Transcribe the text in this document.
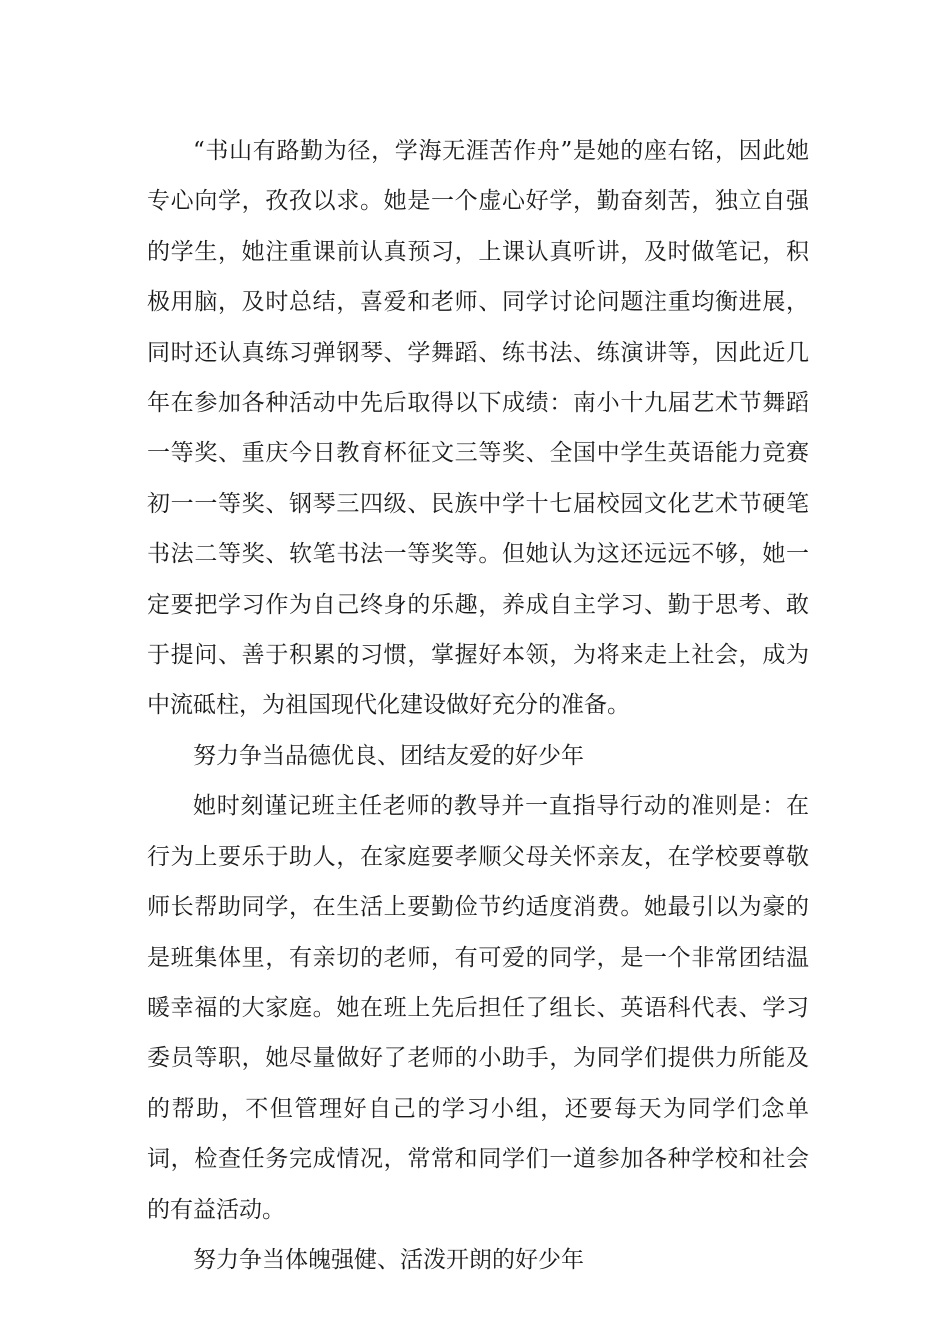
“书山有路勤为径，学海无涯苦作舟”是她的座右铭，因此她专心向学，孜孜以求。她是一个虚心好学，勤奋刻苦，独立自强的学生，她注重课前认真预习，上课认真听讲，及时做笔记，积极用脑，及时总结，喜爱和老师、同学讨论问题注重均衡进展，同时还认真练习弹钢琴、学舞蹈、练书法、练演讲等，因此近几年在参加各种活动中先后取得以下成绩：南小十九届艺术节舞蹈一等奖、重庆今日教育杯征文三等奖、全国中学生英语能力竞赛初一一等奖、钢琴三四级、民族中学十七届校园文化艺术节硬笔书法二等奖、软笔书法一等奖等。但她认为这还远远不够，她一定要把学习作为自己终身的乐趣，养成自主学习、勤于思考、敢于提问、善于积累的习惯，掌握好本领，为将来走上社会，成为中流砥柱，为祖国现代化建设做好充分的准备。

努力争当品德优良、团结友爱的好少年

她时刻谨记班主任老师的教导并一直指导行动的准则是：在行为上要乐于助人，在家庭要孝顺父母关怀亲友，在学校要尊敬师长帮助同学，在生活上要勤俭节约适度消费。她最引以为豪的是班集体里，有亲切的老师，有可爱的同学，是一个非常团结温暖幸福的大家庭。她在班上先后担任了组长、英语科代表、学习委员等职，她尽量做好了老师的小助手，为同学们提供力所能及的帮助，不但管理好自己的学习小组，还要每天为同学们念单词，检查任务完成情况，常常和同学们一道参加各种学校和社会的有益活动。

努力争当体魄强健、活泼开朗的好少年
